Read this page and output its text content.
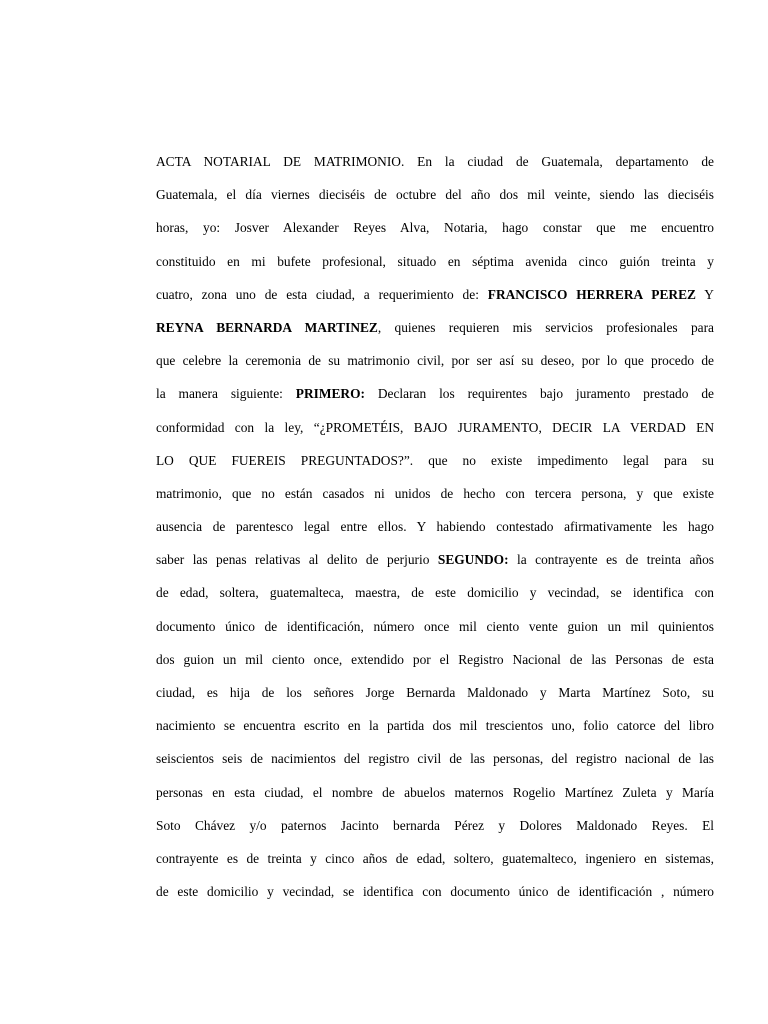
ACTA NOTARIAL DE MATRIMONIO. En la ciudad de Guatemala, departamento de
Guatemala, el día viernes dieciséis de octubre del año dos mil veinte, siendo las dieciséis
horas, yo: Josver Alexander Reyes Alva, Notaria, hago constar que me encuentro
constituido en mi bufete profesional, situado en séptima avenida cinco guión treinta y
cuatro, zona uno de esta ciudad, a requerimiento de: FRANCISCO HERRERA PEREZ Y
REYNA BERNARDA MARTINEZ, quienes requieren mis servicios profesionales para
que celebre la ceremonia de su matrimonio civil, por ser así su deseo, por lo que procedo de
la manera siguiente: PRIMERO: Declaran los requirentes bajo juramento prestado de
conformidad con la ley, “¿PROMETÉIS, BAJO JURAMENTO, DECIR LA VERDAD EN
LO QUE FUEREIS PREGUNTADOS?”. que no existe impedimento legal para su
matrimonio, que no están casados ni unidos de hecho con tercera persona, y que existe
ausencia de parentesco legal entre ellos. Y habiendo contestado afirmativamente les hago
saber las penas relativas al delito de perjurio SEGUNDO: la contrayente es de treinta años
de edad, soltera, guatemalteca, maestra, de este domicilio y vecindad, se identifica con
documento único de identificación, número once mil ciento vente guion un mil quinientos
dos guion un mil ciento once, extendido por el Registro Nacional de las Personas de esta
ciudad, es hija de los señores Jorge Bernarda Maldonado y Marta Martínez Soto, su
nacimiento se encuentra escrito en la partida dos mil trescientos uno, folio catorce del libro
seiscientos seis de nacimientos del registro civil de las personas, del registro nacional de las
personas en esta ciudad, el nombre de abuelos maternos Rogelio Martínez Zuleta y María
Soto Chávez y/o paternos Jacinto bernarda Pérez y Dolores Maldonado Reyes. El
contrayente es de treinta y cinco años de edad, soltero, guatemalteco, ingeniero en sistemas,
de este domicilio y vecindad, se identifica con documento único de identificación , número
